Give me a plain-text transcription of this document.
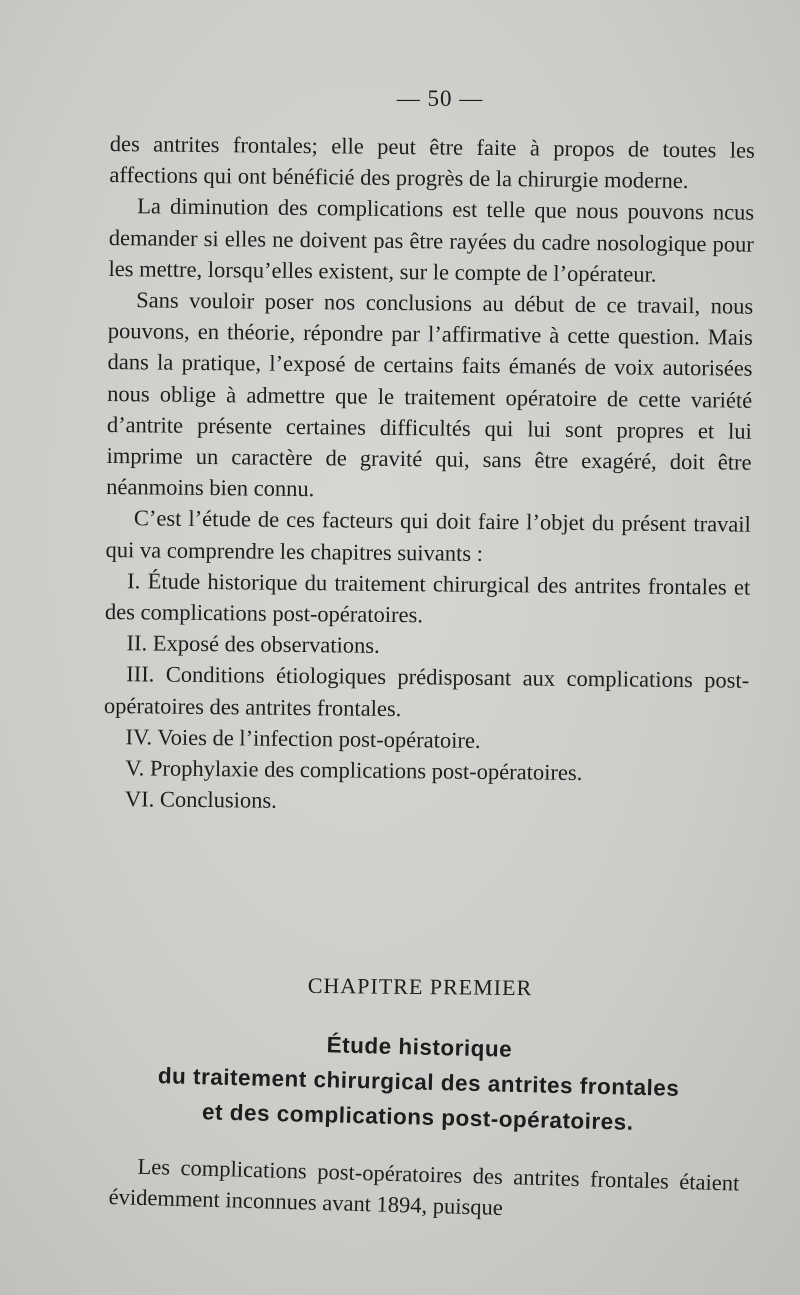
— 50 —

des antrites frontales; elle peut être faite à propos de toutes les affections qui ont bénéficié des progrès de la chirurgie moderne.

La diminution des complications est telle que nous pouvons ncus demander si elles ne doivent pas être rayées du cadre nosologique pour les mettre, lorsqu’elles existent, sur le compte de l’opérateur.

Sans vouloir poser nos conclusions au début de ce travail, nous pouvons, en théorie, répondre par l’affirmative à cette question. Mais dans la pratique, l’exposé de certains faits émanés de voix autorisées nous oblige à admettre que le traitement opératoire de cette variété d’antrite présente certaines difficultés qui lui sont propres et lui imprime un caractère de gravité qui, sans être exagéré, doit être néanmoins bien connu.

C’est l’étude de ces facteurs qui doit faire l’objet du présent travail qui va comprendre les chapitres suivants :

I. Étude historique du traitement chirurgical des antrites frontales et des complications post-opératoires.

II. Exposé des observations.

III. Conditions étiologiques prédisposant aux complications post-opératoires des antrites frontales.

IV. Voies de l’infection post-opératoire.

V. Prophylaxie des complications post-opératoires.

VI. Conclusions.

CHAPITRE PREMIER
Étude historique
du traitement chirurgical des antrites frontales
et des complications post-opératoires.

Les complications post-opératoires des antrites frontales étaient évidemment inconnues avant 1894, puisque
